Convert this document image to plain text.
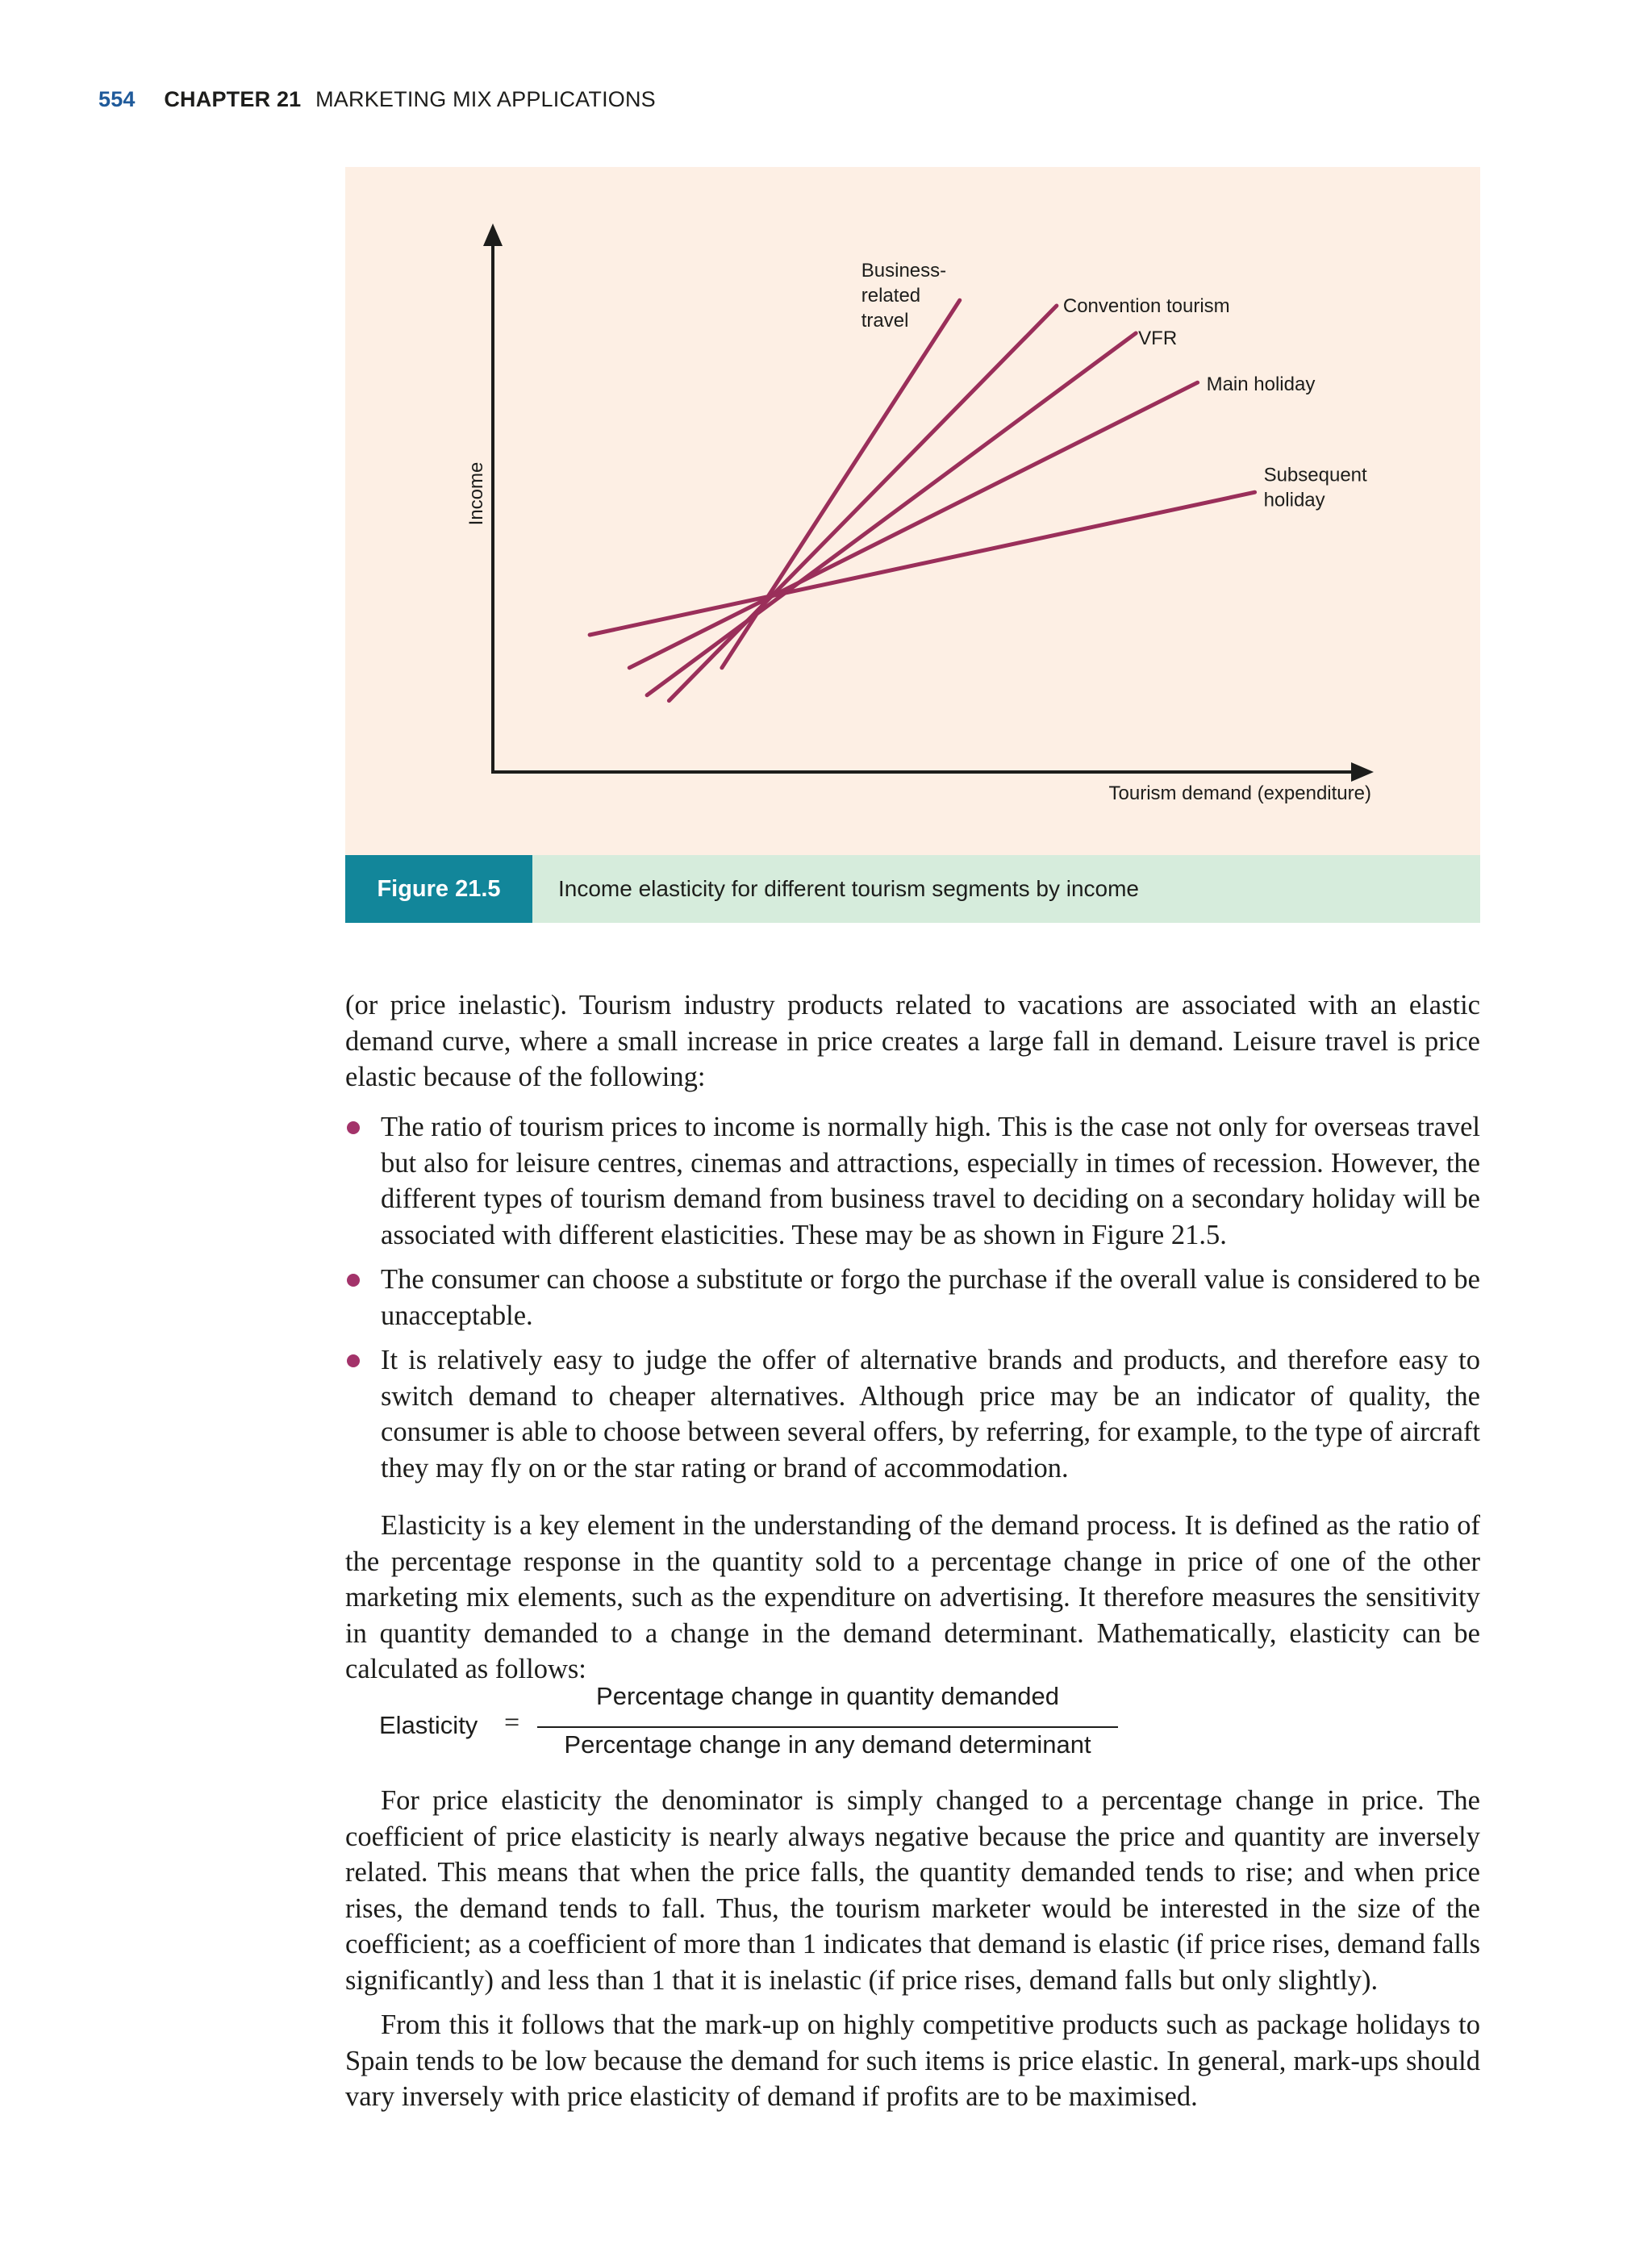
554 CHAPTER 21 MARKETING MIX APPLICATIONS
Income
Tourism demand (expenditure)
Business-related travel
Convention tourism
VFR
Main holiday
Subsequent holiday
Figure 21.5	Income elasticity for different tourism segments by income

(or price inelastic). Tourism industry products related to vacations are associated with an elastic demand curve, where a small increase in price creates a large fall in demand. Leisure travel is price elastic because of the following:

The ratio of tourism prices to income is normally high. This is the case not only for overseas travel but also for leisure centres, cinemas and attractions, especially in times of recession. However, the different types of tourism demand from business travel to deciding on a secondary holiday will be associated with different elasticities. These may be as shown in Figure 21.5.
The consumer can choose a substitute or forgo the purchase if the overall value is considered to be unacceptable.
It is relatively easy to judge the offer of alternative brands and products, and therefore easy to switch demand to cheaper alternatives. Although price may be an indicator of quality, the consumer is able to choose between several offers, by referring, for example, to the type of aircraft they may fly on or the star rating or brand of accommodation.

Elasticity is a key element in the understanding of the demand process. It is defined as the ratio of the percentage response in the quantity sold to a percentage change in price of one of the other marketing mix elements, such as the expenditure on advertising. It therefore measures the sensitivity in quantity demanded to a change in the demand determinant. Mathematically, elasticity can be calculated as follows:

Elasticity =
Percentage change in quantity demanded
Percentage change in any demand determinant

For price elasticity the denominator is simply changed to a percentage change in price. The coefficient of price elasticity is nearly always negative because the price and quantity are inversely related. This means that when the price falls, the quantity demanded tends to rise; and when price rises, the demand tends to fall. Thus, the tourism marketer would be interested in the size of the coefficient; as a coefficient of more than 1 indicates that demand is elastic (if price rises, demand falls significantly) and less than 1 that it is inelastic (if price rises, demand falls but only slightly).

From this it follows that the mark-up on highly competitive products such as package holidays to Spain tends to be low because the demand for such items is price elastic. In general, mark-ups should vary inversely with price elasticity of demand if profits are to be maximised.
